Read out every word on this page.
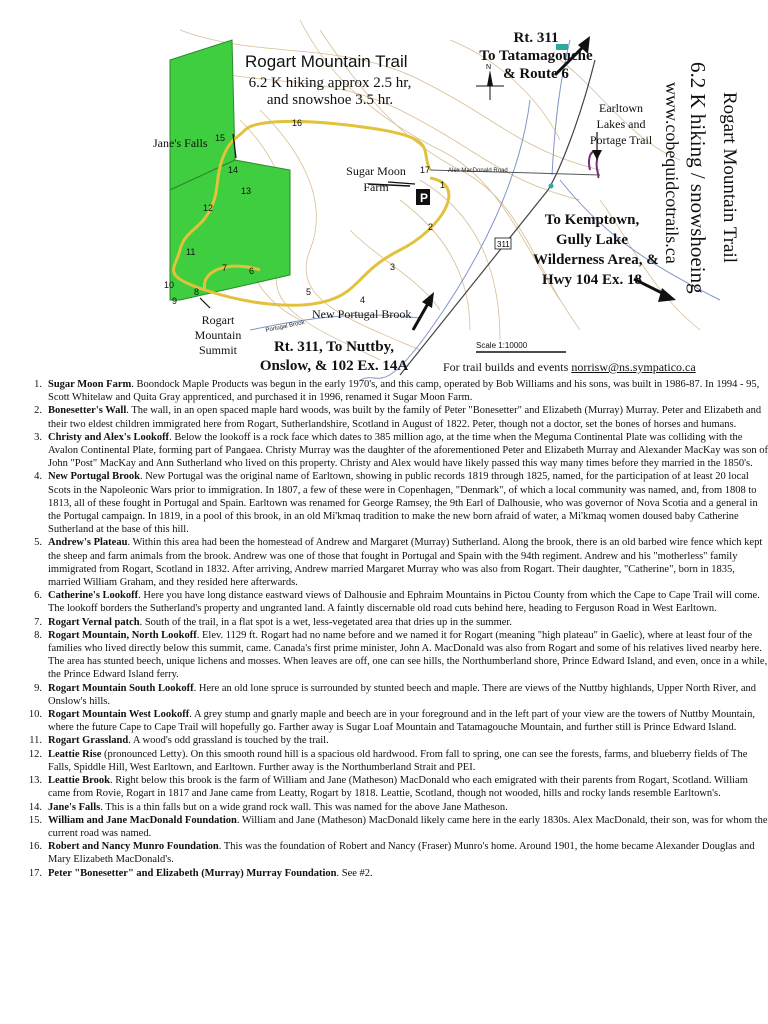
P
311
Alex MacDonald Road
Portugal Brook
N
Rogart Mountain Trail
6.2 K hiking approx 2.5 hr,
and snowshoe 3.5 hr.
Rt. 311
To Tatamagouche
& Route 6
Earltown
Lakes and
Portage Trail
Sugar Moon
Farm
Jane's Falls
Rogart
Mountain
Summit
New Portugal Brook
To Kemptown,
Gully Lake
Wilderness Area, &
Hwy 104 Ex. 18
Rt. 311, To Nuttby,
Onslow, & 102 Ex. 14A
Scale 1:10000
For trail builds and events norrisw@ns.sympatico.ca
Rogart Mountain Trail
6.2 K hiking / snowshoeing
www.cobequidcotrails.ca
1
2
3
4
5
6
7
8
9
10
11
12
13
14
15
16
17
1. Sugar Moon Farm. Boondock Maple Products was begun in the early 1970's, and this camp, operated by Bob Williams and his sons, was built in 1986-87. In 1994 - 95, Scott Whitelaw and Quita Gray apprenticed, and purchased it in 1996, renamed it Sugar Moon Farm.
2. Bonesetter's Wall. The wall, in an open spaced maple hard woods, was built by the family of Peter "Bonesetter" and Elizabeth (Murray) Murray. Peter and Elizabeth and their two eldest children immigrated here from Rogart, Sutherlandshire, Scotland in August of 1822. Peter, though not a doctor, set the bones of horses and humans.
3. Christy and Alex's Lookoff. Below the lookoff is a rock face which dates to 385 million ago, at the time when the Meguma Continental Plate was colliding with the Avalon Continental Plate, forming part of Pangaea. Christy Murray was the daughter of the aforementioned Peter and Elizabeth Murray and Alexander MacKay was son of John "Post" MacKay and Ann Sutherland who lived on this property. Christy and Alex would have likely passed this way many times before they married in the 1850's.
4. New Portugal Brook. New Portugal was the original name of Earltown, showing in public records 1819 through 1825, named, for the participation of at least 20 local Scots in the Napoleonic Wars prior to immigration. In 1807, a few of these were in Copenhagen, "Denmark", of which a local community was named, and, from 1808 to 1813, all of these fought in Portugal and Spain. Earltown was renamed for George Ramsey, the 9th Earl of Dalhousie, who was governor of Nova Scotia and a general in the Portugal campaign. In 1819, in a pool of this brook, in an old Mi'kmaq tradition to make the new born afraid of water, a Mi'kmaq women doused baby Catherine Sutherland at the base of this hill.
5. Andrew's Plateau. Within this area had been the homestead of Andrew and Margaret (Murray) Sutherland. Along the brook, there is an old barbed wire fence which kept the sheep and farm animals from the brook. Andrew was one of those that fought in Portugal and Spain with the 94th regiment. Andrew and his "motherless" family immigrated from Rogart, Scotland in 1832. After arriving, Andrew married Margaret Murray who was also from Rogart. Their daughter, "Catherine", born in 1835, married William Graham, and they resided here afterwards.
6. Catherine's Lookoff. Here you have long distance eastward views of Dalhousie and Ephraim Mountains in Pictou County from which the Cape to Cape Trail will come. The lookoff borders the Sutherland's property and ungranted land. A faintly discernable old road cuts behind here, heading to Ferguson Road in West Earltown.
7. Rogart Vernal patch. South of the trail, in a flat spot is a wet, less-vegetated area that dries up in the summer.
8. Rogart Mountain, North Lookoff. Elev. 1129 ft. Rogart had no name before and we named it for Rogart (meaning "high plateau" in Gaelic), where at least four of the families who lived directly below this summit, came. Canada's first prime minister, John A. MacDonald was also from Rogart and some of his relatives lived nearby here. The area has stunted beech, unique lichens and mosses. When leaves are off, one can see hills, the Northumberland shore, Prince Edward Island, and even, once in a while, the Prince Edward Island ferry.
9. Rogart Mountain South Lookoff. Here an old lone spruce is surrounded by stunted beech and maple. There are views of the Nuttby highlands, Upper North River, and Onslow's hills.
10. Rogart Mountain West Lookoff. A grey stump and gnarly maple and beech are in your foreground and in the left part of your view are the towers of Nuttby Mountain, where the future Cape to Cape Trail will hopefully go. Farther away is Sugar Loaf Mountain and Tatamagouche Mountain, and further still is Prince Edward Island.
11. Rogart Grassland. A wood's odd grassland is touched by the trail.
12. Leattie Rise (pronounced Letty). On this smooth round hill is a spacious old hardwood. From fall to spring, one can see the forests, farms, and blueberry fields of The Falls, Spiddle Hill, West Earltown, and Earltown. Further away is the Northumberland Strait and PEI.
13. Leattie Brook. Right below this brook is the farm of William and Jane (Matheson) MacDonald who each emigrated with their parents from Rogart, Scotland. William came from Rovie, Rogart in 1817 and Jane came from Leatty, Rogart by 1818. Leattie, Scotland, though not wooded, hills and rocky lands resemble Earltown's.
14. Jane's Falls. This is a thin falls but on a wide grand rock wall. This was named for the above Jane Matheson.
15. William and Jane MacDonald Foundation. William and Jane (Matheson) MacDonald likely came here in the early 1830s. Alex MacDonald, their son, was for whom the current road was named.
16. Robert and Nancy Munro Foundation. This was the foundation of Robert and Nancy (Fraser) Munro's home. Around 1901, the home became Alexander Douglas and Mary Elizabeth MacDonald's.
17. Peter "Bonesetter" and Elizabeth (Murray) Murray Foundation. See #2.
